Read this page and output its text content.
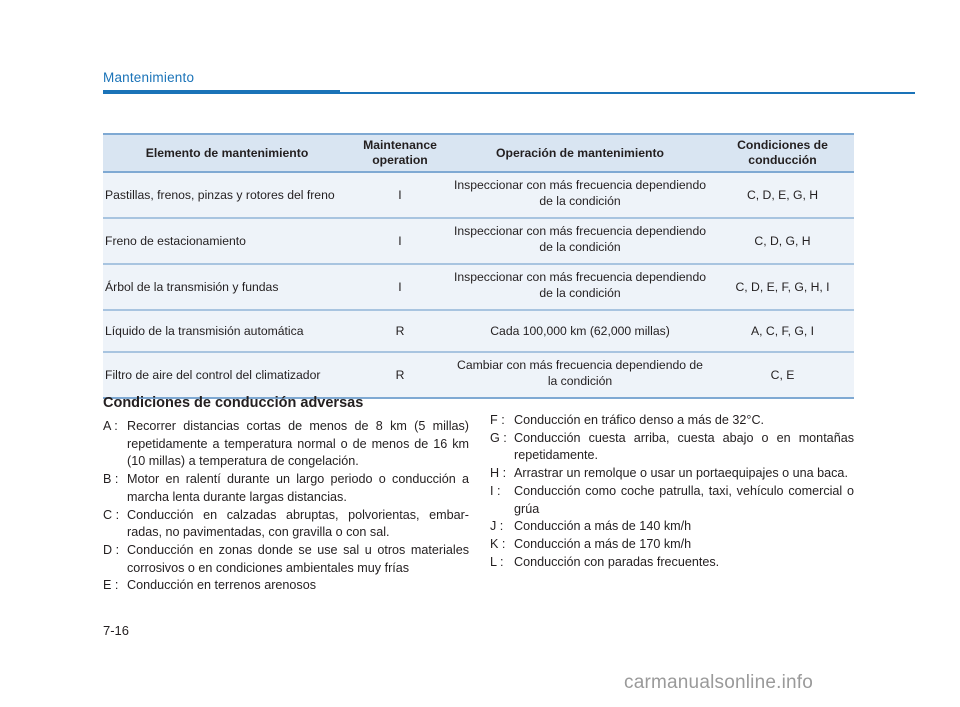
Mantenimiento
Elemento de mantenimiento	Maintenance operation	Operación de mantenimiento	Condiciones de conducción
Pastillas, frenos, pinzas y rotores del freno	I	Inspeccionar con más frecuencia dependiendo de la condición	C, D, E, G, H
Freno de estacionamiento	I	Inspeccionar con más frecuencia dependiendo de la condición	C, D, G, H
Árbol de la transmisión y fundas	I	Inspeccionar con más frecuencia dependiendo de la condición	C, D, E, F, G, H, I
Líquido de la transmisión automática	R	Cada 100,000 km (62,000 millas)	A, C, F, G, I
Filtro de aire del control del climatizador	R	Cambiar con más frecuencia dependiendo de la condición	C, E
Condiciones de conducción adversas
A : Recorrer distancias cortas de menos de 8 km (5 millas) repetidamente a temperatura normal o de menos de 16 km (10 millas) a temperatura de congelación.
B : Motor en ralentí durante un largo periodo o conducción a marcha lenta durante largas distancias.
C : Conducción en calzadas abruptas, polvorientas, embar-radas, no pavimentadas, con gravilla o con sal.
D : Conducción en zonas donde se use sal u otros materiales corrosivos o en condiciones ambientales muy frías
E : Conducción en terrenos arenosos
F : Conducción en tráfico denso a más de 32°C.
G : Conducción cuesta arriba, cuesta abajo o en montañas repetidamente.
H : Arrastrar un remolque o usar un portaequipajes o una baca.
I :	Conducción como coche patrulla, taxi, vehículo comercial o grúa
J : Conducción a más de 140 km/h
K : Conducción a más de 170 km/h
L : Conducción con paradas frecuentes.
7-16
carmanualsonline.info
